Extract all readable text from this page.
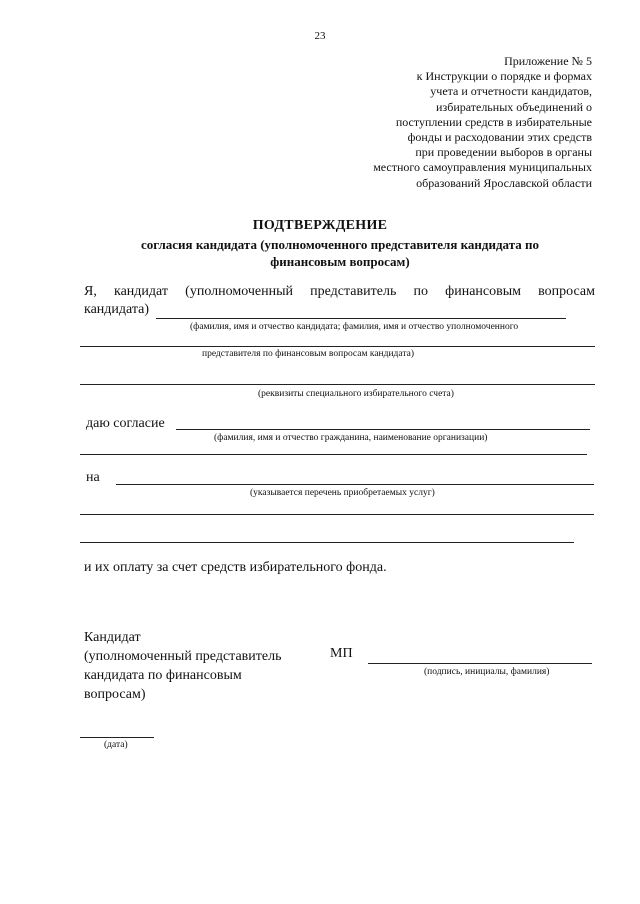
23
Приложение № 5
к Инструкции о порядке и формах
учета и отчетности кандидатов,
избирательных объединений о
поступлении средств в избирательные
фонды и расходовании этих средств
при проведении выборов в органы
местного самоуправления муниципальных
образований Ярославской области
ПОДТВЕРЖДЕНИЕ
согласия кандидата (уполномоченного представителя кандидата по
финансовым вопросам)
Я, кандидат (уполномоченный представитель по финансовым вопросам
кандидата)
(фамилия, имя и отчество кандидата; фамилия, имя и отчество уполномоченного
представителя по финансовым вопросам кандидата)
(реквизиты специального избирательного счета)
даю согласие
(фамилия, имя и отчество гражданина, наименование организации)
на
(указывается перечень приобретаемых услуг)
и их оплату за счет средств избирательного фонда.
Кандидат
(уполномоченный представитель
кандидата по финансовым
вопросам)
МП
(подпись, инициалы, фамилия)
(дата)
